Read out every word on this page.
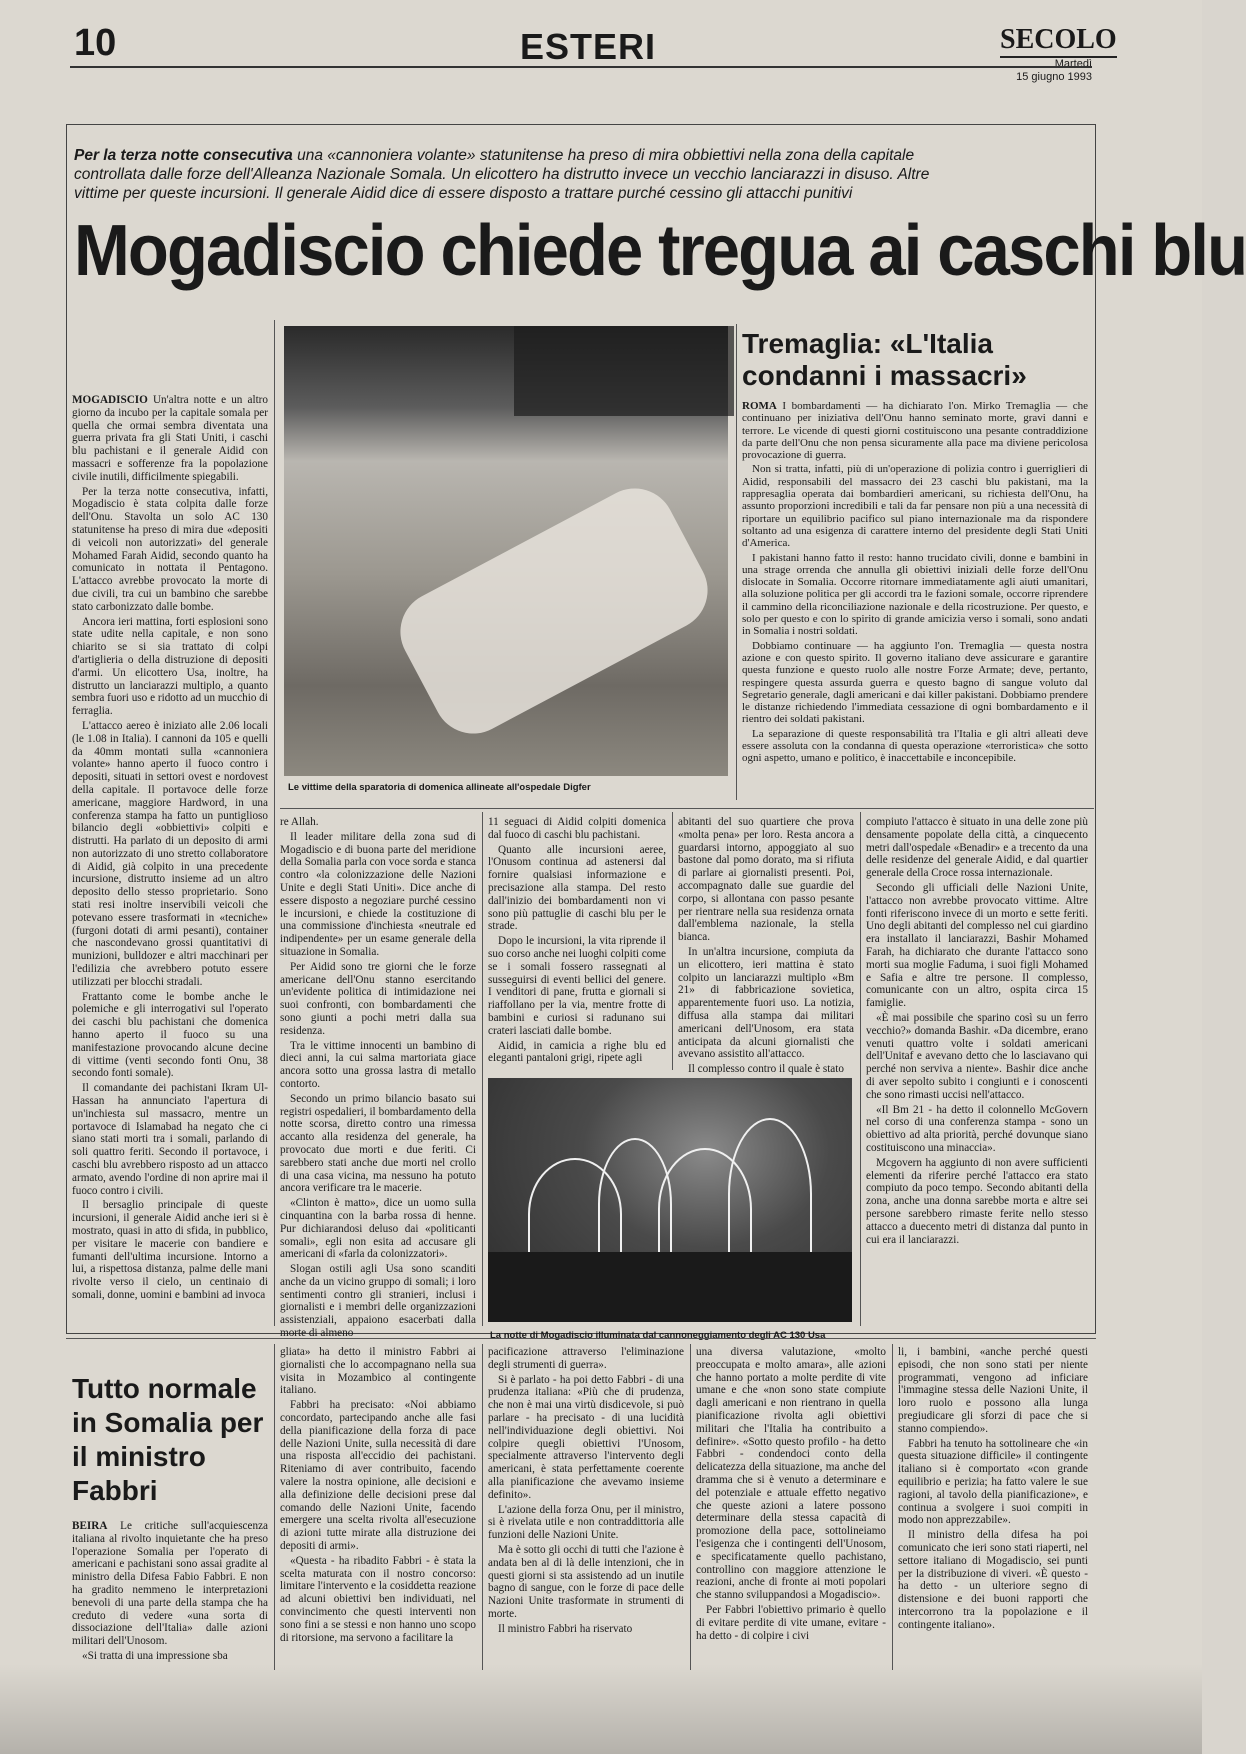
10	ESTERI	SECOLO
Martedì
15 giugno 1993
Per la terza notte consecutiva una «cannoniera volante» statunitense ha preso di mira obbiettivi nella zona della capitale controllata dalle forze dell'Alleanza Nazionale Somala. Un elicottero ha distrutto invece un vecchio lanciarazzi in disuso. Altre vittime per queste incursioni. Il generale Aidid dice di essere disposto a trattare purché cessino gli attacchi punitivi
Mogadiscio chiede tregua ai caschi blu

MOGADISCIO Un'altra notte e un altro giorno da incubo per la capitale somala per quella che ormai sembra diventata una guerra privata fra gli Stati Uniti, i caschi blu pachistani e il generale Aidid con massacri e sofferenze fra la popolazione civile inutili, difficilmente spiegabili.

Per la terza notte consecutiva, infatti, Mogadiscio è stata colpita dalle forze dell'Onu. Stavolta un solo AC 130 statunitense ha preso di mira due «depositi di veicoli non autorizzati» del generale Mohamed Farah Aidid, secondo quanto ha comunicato in nottata il Pentagono. L'attacco avrebbe provocato la morte di due civili, tra cui un bambino che sarebbe stato carbonizzato dalle bombe.

Ancora ieri mattina, forti esplosioni sono state udite nella capitale, e non sono chiarito se si sia trattato di colpi d'artiglieria o della distruzione di depositi d'armi. Un elicottero Usa, inoltre, ha distrutto un lanciarazzi multiplo, a quanto sembra fuori uso e ridotto ad un mucchio di ferraglia.

L'attacco aereo è iniziato alle 2.06 locali (le 1.08 in Italia). I cannoni da 105 e quelli da 40mm montati sulla «cannoniera volante» hanno aperto il fuoco contro i depositi, situati in settori ovest e nordovest della capitale. Il portavoce delle forze americane, maggiore Hardword, in una conferenza stampa ha fatto un puntiglioso bilancio degli «obbiettivi» colpiti e distrutti. Ha parlato di un deposito di armi non autorizzato di uno stretto collaboratore di Aidid, già colpito in una precedente incursione, distrutto insieme ad un altro deposito dello stesso proprietario. Sono stati resi inoltre inservibili veicoli che potevano essere trasformati in «tecniche» (furgoni dotati di armi pesanti), container che nascondevano grossi quantitativi di munizioni, bulldozer e altri macchinari per l'edilizia che avrebbero potuto essere utilizzati per blocchi stradali.

Frattanto come le bombe anche le polemiche e gli interrogativi sul l'operato dei caschi blu pachistani che domenica hanno aperto il fuoco su una manifestazione provocando alcune decine di vittime (venti secondo fonti Onu, 38 secondo fonti somale).

Il comandante dei pachistani Ikram Ul-Hassan ha annunciato l'apertura di un'inchiesta sul massacro, mentre un portavoce di Islamabad ha negato che ci siano stati morti tra i somali, parlando di soli quattro feriti. Secondo il portavoce, i caschi blu avrebbero risposto ad un attacco armato, avendo l'ordine di non aprire mai il fuoco contro i civili.

Il bersaglio principale di queste incursioni, il generale Aidid anche ieri si è mostrato, quasi in atto di sfida, in pubblico, per visitare le macerie con bandiere e fumanti dell'ultima incursione. Intorno a lui, a rispettosa distanza, palme delle mani rivolte verso il cielo, un centinaio di somali, donne, uomini e bambini ad invoca

Le vittime della sparatoria di domenica allineate all'ospedale Digfer
Tremaglia: «L'Italia condanni i massacri»

ROMA I bombardamenti — ha dichiarato l'on. Mirko Tremaglia — che continuano per iniziativa dell'Onu hanno seminato morte, gravi danni e terrore. Le vicende di questi giorni costituiscono una pesante contraddizione da parte dell'Onu che non pensa sicuramente alla pace ma diviene pericolosa provocazione di guerra.

Non si tratta, infatti, più di un'operazione di polizia contro i guerriglieri di Aidid, responsabili del massacro dei 23 caschi blu pakistani, ma la rappresaglia operata dai bombardieri americani, su richiesta dell'Onu, ha assunto proporzioni incredibili e tali da far pensare non più a una necessità di riportare un equilibrio pacifico sul piano internazionale ma da rispondere soltanto ad una esigenza di carattere interno del presidente degli Stati Uniti d'America.

I pakistani hanno fatto il resto: hanno trucidato civili, donne e bambini in una strage orrenda che annulla gli obiettivi iniziali delle forze dell'Onu dislocate in Somalia. Occorre ritornare immediatamente agli aiuti umanitari, alla soluzione politica per gli accordi tra le fazioni somale, occorre riprendere il cammino della riconciliazione nazionale e della ricostruzione. Per questo, e solo per questo e con lo spirito di grande amicizia verso i somali, sono andati in Somalia i nostri soldati.

Dobbiamo continuare — ha aggiunto l'on. Tremaglia — questa nostra azione e con questo spirito. Il governo italiano deve assicurare e garantire questa funzione e questo ruolo alle nostre Forze Armate; deve, pertanto, respingere questa assurda guerra e questo bagno di sangue voluto dal Segretario generale, dagli americani e dai killer pakistani. Dobbiamo prendere le distanze richiedendo l'immediata cessazione di ogni bombardamento e il rientro dei soldati pakistani.

La separazione di queste responsabilità tra l'Italia e gli altri alleati deve essere assoluta con la condanna di questa operazione «terroristica» che sotto ogni aspetto, umano e politico, è inaccettabile e inconcepibile.

re Allah.

Il leader militare della zona sud di Mogadiscio e di buona parte del meridione della Somalia parla con voce sorda e stanca contro «la colonizzazione delle Nazioni Unite e degli Stati Uniti». Dice anche di essere disposto a negoziare purché cessino le incursioni, e chiede la costituzione di una commissione d'inchiesta «neutrale ed indipendente» per un esame generale della situazione in Somalia.

Per Aidid sono tre giorni che le forze americane dell'Onu stanno esercitando un'evidente politica di intimidazione nei suoi confronti, con bombardamenti che sono giunti a pochi metri dalla sua residenza.

Tra le vittime innocenti un bambino di dieci anni, la cui salma martoriata giace ancora sotto una grossa lastra di metallo contorto.

Secondo un primo bilancio basato sui registri ospedalieri, il bombardamento della notte scorsa, diretto contro una rimessa accanto alla residenza del generale, ha provocato due morti e due feriti. Ci sarebbero stati anche due morti nel crollo di una casa vicina, ma nessuno ha potuto ancora verificare tra le macerie.

«Clinton è matto», dice un uomo sulla cinquantina con la barba rossa di henne. Pur dichiarandosi deluso dai «politicanti somali», egli non esita ad accusare gli americani di «farla da colonizzatori».

Slogan ostili agli Usa sono scanditi anche da un vicino gruppo di somali; i loro sentimenti contro gli stranieri, inclusi i giornalisti e i membri delle organizzazioni assistenziali, appaiono esacerbati dalla morte di almeno

11 seguaci di Aidid colpiti domenica dal fuoco di caschi blu pachistani.

Quanto alle incursioni aeree, l'Onusom continua ad astenersi dal fornire qualsiasi informazione e precisazione alla stampa. Del resto dall'inizio dei bombardamenti non vi sono più pattuglie di caschi blu per le strade.

Dopo le incursioni, la vita riprende il suo corso anche nei luoghi colpiti come se i somali fossero rassegnati al susseguirsi di eventi bellici del genere. I venditori di pane, frutta e giornali si riaffollano per la via, mentre frotte di bambini e curiosi si radunano sui crateri lasciati dalle bombe.

Aidid, in camicia a righe blu ed eleganti pantaloni grigi, ripete agli

abitanti del suo quartiere che prova «molta pena» per loro. Resta ancora a guardarsi intorno, appoggiato al suo bastone dal pomo dorato, ma si rifiuta di parlare ai giornalisti presenti. Poi, accompagnato dalle sue guardie del corpo, si allontana con passo pesante per rientrare nella sua residenza ornata dall'emblema nazionale, la stella bianca.

In un'altra incursione, compiuta da un elicottero, ieri mattina è stato colpito un lanciarazzi multiplo «Bm 21» di fabbricazione sovietica, apparentemente fuori uso. La notizia, diffusa alla stampa dai militari americani dell'Unosom, era stata anticipata da alcuni giornalisti che avevano assistito all'attacco.

Il complesso contro il quale è stato

La notte di Mogadiscio illuminata dal cannoneggiamento degli AC 130 Usa

compiuto l'attacco è situato in una delle zone più densamente popolate della città, a cinquecento metri dall'ospedale «Benadir» e a trecento da una delle residenze del generale Aidid, e dal quartier generale della Croce rossa internazionale.

Secondo gli ufficiali delle Nazioni Unite, l'attacco non avrebbe provocato vittime. Altre fonti riferiscono invece di un morto e sette feriti. Uno degli abitanti del complesso nel cui giardino era installato il lanciarazzi, Bashir Mohamed Farah, ha dichiarato che durante l'attacco sono morti sua moglie Faduma, i suoi figli Mohamed e Safia e altre tre persone. Il complesso, comunicante con un altro, ospita circa 15 famiglie.

«È mai possibile che sparino così su un ferro vecchio?» domanda Bashir. «Da dicembre, erano venuti quattro volte i soldati americani dell'Unitaf e avevano detto che lo lasciavano qui perché non serviva a niente». Bashir dice anche di aver sepolto subito i congiunti e i conoscenti che sono rimasti uccisi nell'attacco.

«Il Bm 21 - ha detto il colonnello McGovern nel corso di una conferenza stampa - sono un obiettivo ad alta priorità, perché dovunque siano costituiscono una minaccia».

Mcgovern ha aggiunto di non avere sufficienti elementi da riferire perché l'attacco era stato compiuto da poco tempo. Secondo abitanti della zona, anche una donna sarebbe morta e altre sei persone sarebbero rimaste ferite nello stesso attacco a duecento metri di distanza dal punto in cui era il lanciarazzi.

Tutto normale in Somalia per il ministro Fabbri

BEIRA Le critiche sull'acquiescenza italiana al rivolto inquietante che ha preso l'operazione Somalia per l'operato di americani e pachistani sono assai gradite al ministro della Difesa Fabio Fabbri. E non ha gradito nemmeno le interpretazioni benevoli di una parte della stampa che ha creduto di vedere «una sorta di dissociazione dell'Italia» dalle azioni militari dell'Unosom.

«Si tratta di una impressione sba

gliata» ha detto il ministro Fabbri ai giornalisti che lo accompagnano nella sua visita in Mozambico al contingente italiano.

Fabbri ha precisato: «Noi abbiamo concordato, partecipando anche alle fasi della pianificazione della forza di pace delle Nazioni Unite, sulla necessità di dare una risposta all'eccidio dei pachistani. Riteniamo di aver contribuito, facendo valere la nostra opinione, alle decisioni e alla definizione delle decisioni prese dal comando delle Nazioni Unite, facendo emergere una scelta rivolta all'esecuzione di azioni tutte mirate alla distruzione dei depositi di armi».

«Questa - ha ribadito Fabbri - è stata la scelta maturata con il nostro concorso: limitare l'intervento e la cosiddetta reazione ad alcuni obiettivi ben individuati, nel convincimento che questi interventi non sono fini a se stessi e non hanno uno scopo di ritorsione, ma servono a facilitare la

pacificazione attraverso l'eliminazione degli strumenti di guerra».

Si è parlato - ha poi detto Fabbri - di una prudenza italiana: «Più che di prudenza, che non è mai una virtù disdicevole, si può parlare - ha precisato - di una lucidità nell'individuazione degli obiettivi. Noi colpire quegli obiettivi l'Unosom, specialmente attraverso l'intervento degli americani, è stata perfettamente coerente alla pianificazione che avevamo insieme definito».

L'azione della forza Onu, per il ministro, si è rivelata utile e non contraddittoria alle funzioni delle Nazioni Unite.

Ma è sotto gli occhi di tutti che l'azione è andata ben al di là delle intenzioni, che in questi giorni si sta assistendo ad un inutile bagno di sangue, con le forze di pace delle Nazioni Unite trasformate in strumenti di morte.

Il ministro Fabbri ha riservato

una diversa valutazione, «molto preoccupata e molto amara», alle azioni che hanno portato a molte perdite di vite umane e che «non sono state compiute dagli americani e non rientrano in quella pianificazione rivolta agli obiettivi militari che l'Italia ha contribuito a definire». «Sotto questo profilo - ha detto Fabbri - condendoci conto della delicatezza della situazione, ma anche del dramma che si è venuto a determinare e del potenziale e attuale effetto negativo che queste azioni a latere possono determinare della stessa capacità di promozione della pace, sottolineiamo l'esigenza che i contingenti dell'Unosom, e specificatamente quello pachistano, controllino con maggiore attenzione le reazioni, anche di fronte ai moti popolari che stanno sviluppandosi a Mogadiscio».

Per Fabbri l'obiettivo primario è quello di evitare perdite di vite umane, evitare - ha detto - di colpire i civi

li, i bambini, «anche perché questi episodi, che non sono stati per niente programmati, vengono ad inficiare l'immagine stessa delle Nazioni Unite, il loro ruolo e possono alla lunga pregiudicare gli sforzi di pace che si stanno compiendo».

Fabbri ha tenuto ha sottolineare che «in questa situazione difficile» il contingente italiano si è comportato «con grande equilibrio e perizia; ha fatto valere le sue ragioni, al tavolo della pianificazione», e continua a svolgere i suoi compiti in modo non apprezzabile».

Il ministro della difesa ha poi comunicato che ieri sono stati riaperti, nel settore italiano di Mogadiscio, sei punti per la distribuzione di viveri. «È questo - ha detto - un ulteriore segno di distensione e dei buoni rapporti che intercorrono tra la popolazione e il contingente italiano».
